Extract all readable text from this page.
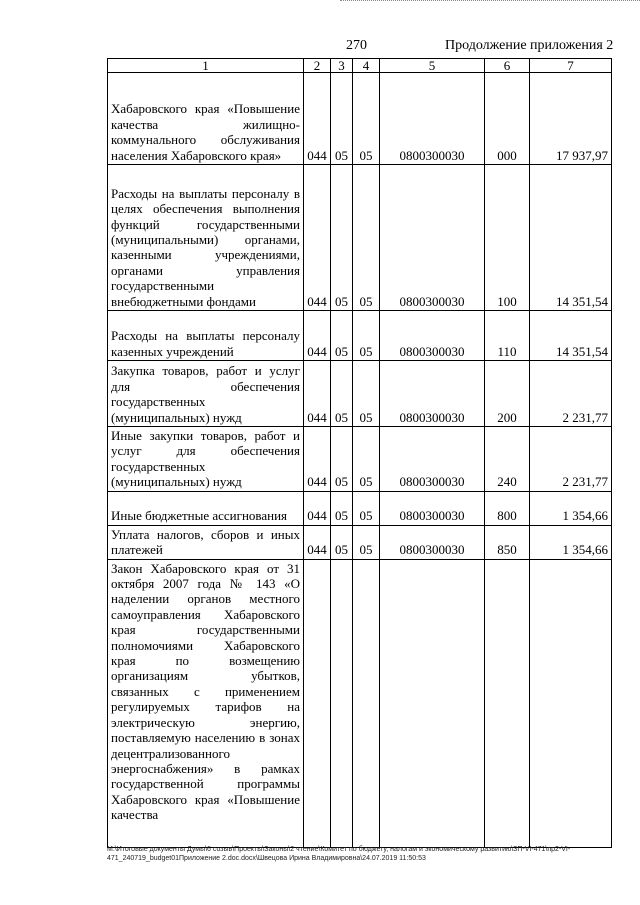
270	Продолжение приложения 2
1	2	3	4	5	6	7
Хабаровского края «Повышение качества жилищно-коммунального обслуживания населения Хабаровского края»	044	05	05	0800300030	000	17 937,97
Расходы на выплаты персоналу в целях обеспечения выполнения функций государственными (муниципальными) органами, казенными учреждениями, органами управления государственными внебюджетными фондами	044	05	05	0800300030	100	14 351,54
Расходы на выплаты персоналу казенных учреждений	044	05	05	0800300030	110	14 351,54
Закупка товаров, работ и услуг для обеспечения государственных (муниципальных) нужд	044	05	05	0800300030	200	2 231,77
Иные закупки товаров, работ и услуг для обеспечения государственных (муниципальных) нужд	044	05	05	0800300030	240	2 231,77
Иные бюджетные ассигнования	044	05	05	0800300030	800	1 354,66
Уплата налогов, сборов и иных платежей	044	05	05	0800300030	850	1 354,66
Закон Хабаровского края от 31 октября 2007 года № 143 «О наделении органов местного самоуправления Хабаровского края государственными полномочиями Хабаровского края по возмещению организациям убытков, связанных с применением регулируемых тарифов на электрическую энергию, поставляемую населению в зонах децентрализованного энергоснабжения» в рамках государственной программы Хабаровского края «Повышение качества						
M:\Итоговые документы Думы\6 созыв\Проекты\Законы\2 чтение\Комитет по бюджету, налогам и экономическому развитию\ЗП-VI-471\пр2-VI-471_240719_budget01Приложение 2.doc.docx\Швецова Ирина Владимировна\24.07.2019 11:50:53
